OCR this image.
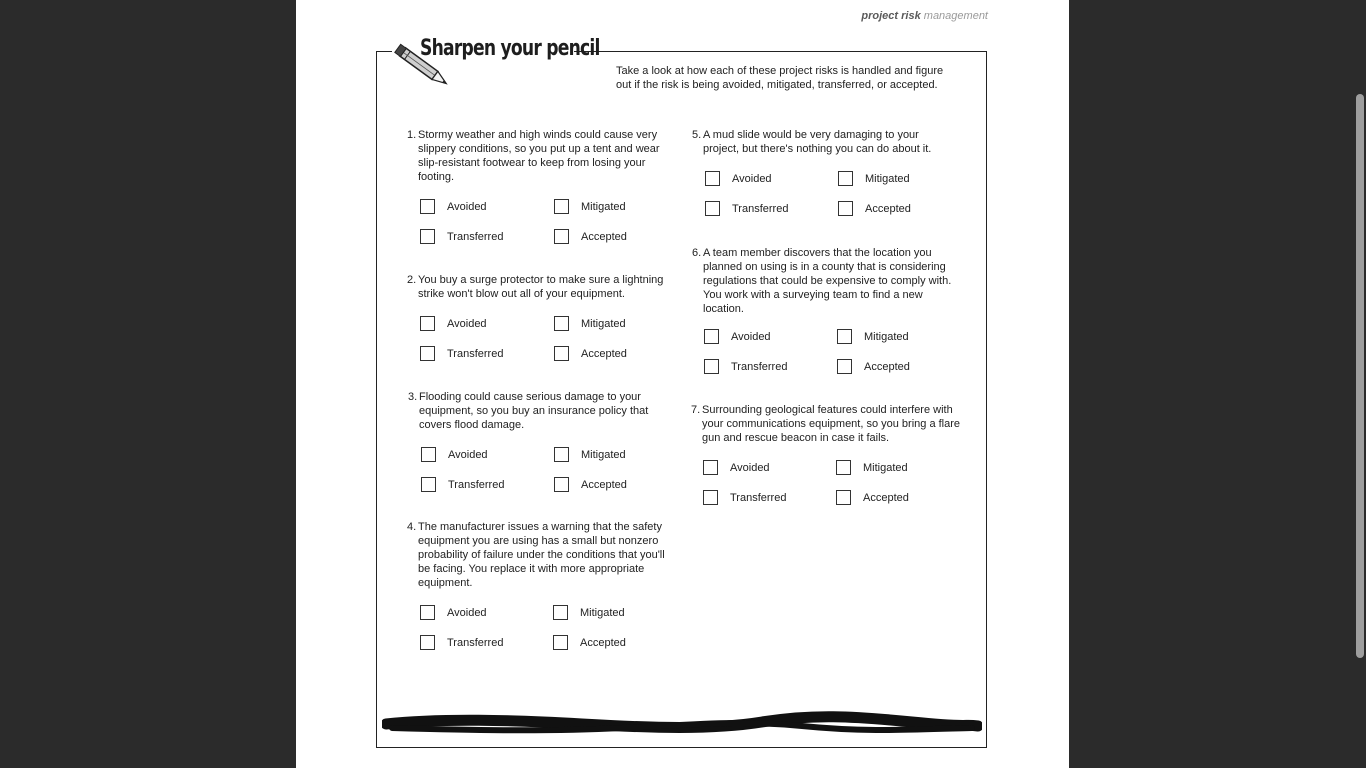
project risk management
Sharpen your pencil
Take a look at how each of these project risks is handled and figure out if the risk is being avoided, mitigated, transferred, or accepted.
1. Stormy weather and high winds could cause very slippery conditions, so you put up a tent and wear slip-resistant footwear to keep from losing your footing.
Avoided	Mitigated
Transferred	Accepted
2. You buy a surge protector to make sure a lightning strike won't blow out all of your equipment.
Avoided	Mitigated
Transferred	Accepted
3. Flooding could cause serious damage to your equipment, so you buy an insurance policy that covers flood damage.
Avoided	Mitigated
Transferred	Accepted
4. The manufacturer issues a warning that the safety equipment you are using has a small but nonzero probability of failure under the conditions that you'll be facing. You replace it with more appropriate equipment.
Avoided	Mitigated
Transferred	Accepted
5. A mud slide would be very damaging to your project, but there's nothing you can do about it.
Avoided	Mitigated
Transferred	Accepted
6. A team member discovers that the location you planned on using is in a county that is considering regulations that could be expensive to comply with. You work with a surveying team to find a new location.
Avoided	Mitigated
Transferred	Accepted
7. Surrounding geological features could interfere with your communications equipment, so you bring a flare gun and rescue beacon in case it fails.
Avoided	Mitigated
Transferred	Accepted
